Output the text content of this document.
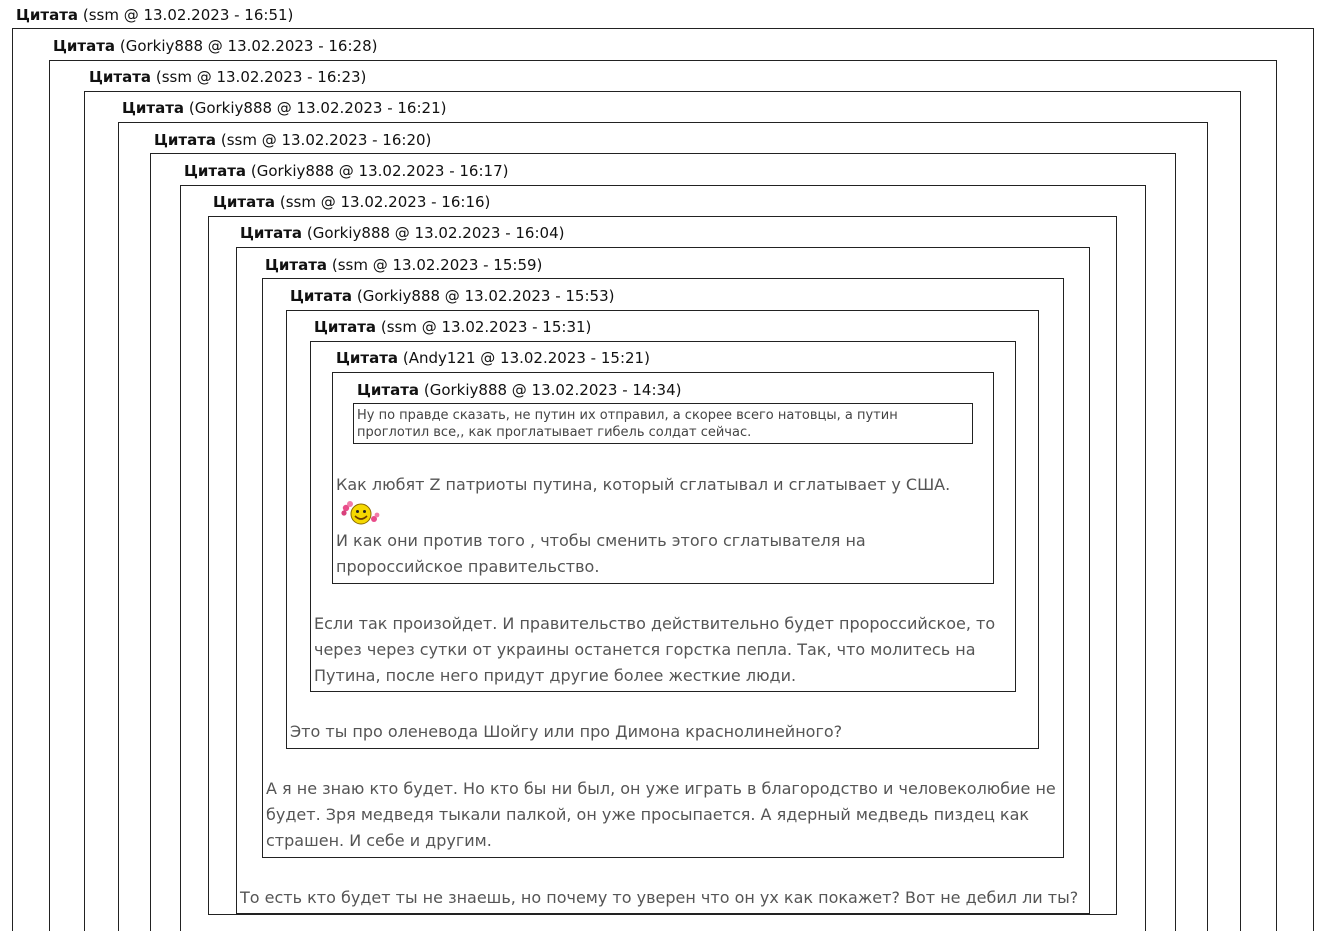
Цитата (ssm @ 13.02.2023 - 16:51)
Цитата (Gorkiy888 @ 13.02.2023 - 16:28)
Цитата (ssm @ 13.02.2023 - 16:23)
Цитата (Gorkiy888 @ 13.02.2023 - 16:21)
Цитата (ssm @ 13.02.2023 - 16:20)
Цитата (Gorkiy888 @ 13.02.2023 - 16:17)
Цитата (ssm @ 13.02.2023 - 16:16)
Цитата (Gorkiy888 @ 13.02.2023 - 16:04)
Цитата (ssm @ 13.02.2023 - 15:59)
Цитата (Gorkiy888 @ 13.02.2023 - 15:53)
Цитата (ssm @ 13.02.2023 - 15:31)
Цитата (Andy121 @ 13.02.2023 - 15:21)
Цитата (Gorkiy888 @ 13.02.2023 - 14:34)

Ну по правде сказать, не путин их отправил, а скорее всего натовцы, а путин проглотил все,, как проглатывает гибель солдат сейчас.

Как любят Z патриоты путина, который сглатывал и сглатывает у США.

И как они против того , чтобы сменить этого сглатывателя на пророссийское правительство.

Если так произойдет. И правительство действительно будет пророссийское, то через через сутки от украины останется горстка пепла. Так, что молитесь на Путина, после него придут другие более жесткие люди.

Это ты про оленевода Шойгу или про Димона краснолинейного?

А я не знаю кто будет. Но кто бы ни был, он уже играть в благородство и человеколюбие не будет. Зря медведя тыкали палкой, он уже просыпается. А ядерный медведь пиздец как страшен. И себе и другим.

То есть кто будет ты не знаешь, но почему то уверен что он ух как покажет? Вот не дебил ли ты?
